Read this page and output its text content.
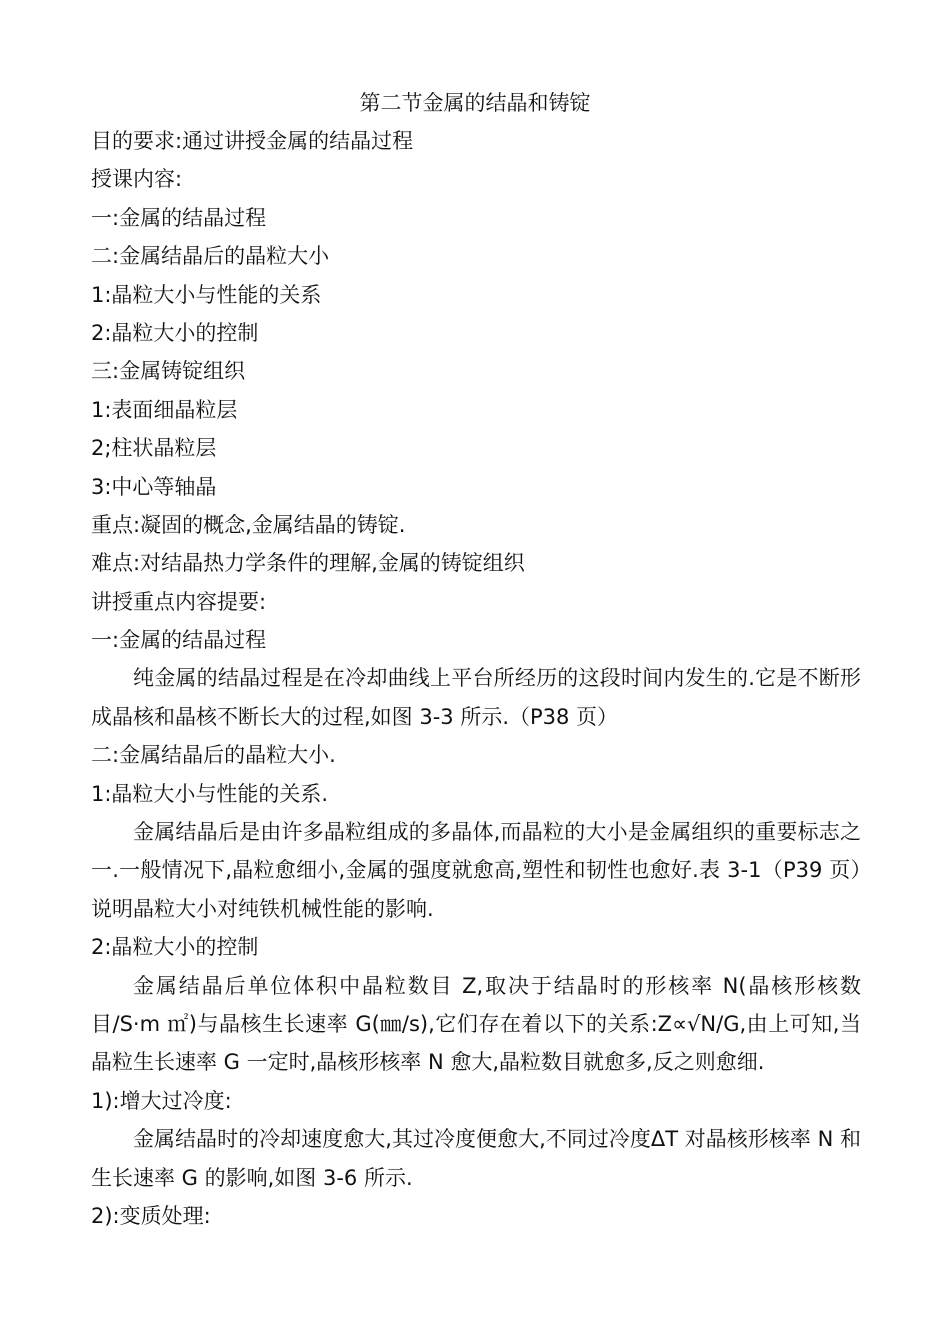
第二节金属的结晶和铸锭
目的要求:通过讲授金属的结晶过程
授课内容:
一:金属的结晶过程
二:金属结晶后的晶粒大小
1:晶粒大小与性能的关系
2:晶粒大小的控制
三:金属铸锭组织
1:表面细晶粒层
2;柱状晶粒层
3:中心等轴晶
重点:凝固的概念,金属结晶的铸锭.
难点:对结晶热力学条件的理解,金属的铸锭组织
讲授重点内容提要:
一:金属的结晶过程
纯金属的结晶过程是在冷却曲线上平台所经历的这段时间内发生的.它是不断形成晶核和晶核不断长大的过程,如图 3-3 所示.（P38 页）
二:金属结晶后的晶粒大小.
1:晶粒大小与性能的关系.
金属结晶后是由许多晶粒组成的多晶体,而晶粒的大小是金属组织的重要标志之一.一般情况下,晶粒愈细小,金属的强度就愈高,塑性和韧性也愈好.表 3-1（P39 页）说明晶粒大小对纯铁机械性能的影响.
2:晶粒大小的控制
金属结晶后单位体积中晶粒数目 Z,取决于结晶时的形核率 N(晶核形核数目/S·m ㎡)与晶核生长速率 G(㎜/s),它们存在着以下的关系:Z∝√N/G,由上可知,当晶粒生长速率 G 一定时,晶核形核率 N 愈大,晶粒数目就愈多,反之则愈细.
1):增大过冷度:
金属结晶时的冷却速度愈大,其过冷度便愈大,不同过冷度ΔT 对晶核形核率 N 和生长速率 G 的影响,如图 3-6 所示.
2):变质处理:
